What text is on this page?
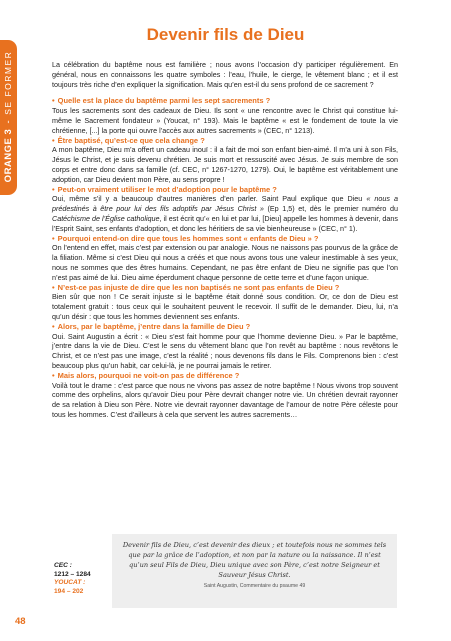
ORANGE 3 - SE FORMER
Devenir fils de Dieu

La célébration du baptême nous est familière ; nous avons l’occasion d’y participer régulièrement. En général, nous en connaissons les quatre symboles : l’eau, l’huile, le cierge, le vêtement blanc ; et il est toujours très riche d’en expliquer la signification. Mais qu’en est-il du sens profond de ce sacrement ?

• Quelle est la place du baptême parmi les sept sacrements ?

Tous les sacrements sont des cadeaux de Dieu. Ils sont « une rencontre avec le Christ qui constitue lui-même le Sacrement fondateur » (Youcat, n° 193). Mais le baptême « est le fondement de toute la vie chrétienne, [...] la porte qui ouvre l’accès aux autres sacrements » (CEC, n° 1213).

• Être baptisé, qu’est-ce que cela change ?

A mon baptême, Dieu m’a offert un cadeau inouï : il a fait de moi son enfant bien-aimé. Il m’a uni à son Fils, Jésus le Christ, et je suis devenu chrétien. Je suis mort et ressuscité avec Jésus. Je suis membre de son corps et entre donc dans sa famille (cf. CEC, n° 1267-1270, 1279). Oui, le baptême est véritablement une adoption, car Dieu devient mon Père, au sens propre !

• Peut-on vraiment utiliser le mot d’adoption pour le baptême ?

Oui, même s’il y a beaucoup d’autres manières d’en parler. Saint Paul explique que Dieu « nous a prédestinés à être pour lui des fils adoptifs par Jésus Christ » (Ep 1,5) et, dès le premier numéro du Catéchisme de l’Église catholique, il est écrit qu’« en lui et par lui, [Dieu] appelle les hommes à devenir, dans l’Esprit Saint, ses enfants d’adoption, et donc les héritiers de sa vie bienheureuse » (CEC, n° 1).

• Pourquoi entend-on dire que tous les hommes sont « enfants de Dieu » ?

On l’entend en effet, mais c’est par extension ou par analogie. Nous ne naissons pas pourvus de la grâce de la filiation. Même si c’est Dieu qui nous a créés et que nous avons tous une valeur inestimable à ses yeux, nous ne sommes que des êtres humains. Cependant, ne pas être enfant de Dieu ne signifie pas que l’on n’est pas aimé de lui. Dieu aime éperdument chaque personne de cette terre et d’une façon unique.

• N’est-ce pas injuste de dire que les non baptisés ne sont pas enfants de Dieu ?

Bien sûr que non ! Ce serait injuste si le baptême était donné sous condition. Or, ce don de Dieu est totalement gratuit : tous ceux qui le souhaitent peuvent le recevoir. Il suffit de le demander. Dieu, lui, n’a qu’un désir : que tous les hommes deviennent ses enfants.

• Alors, par le baptême, j’entre dans la famille de Dieu ?

Oui. Saint Augustin a écrit : « Dieu s’est fait homme pour que l’homme devienne Dieu. » Par le baptême, j’entre dans la vie de Dieu. C’est le sens du vêtement blanc que l’on revêt au baptême : nous revêtons le Christ, et ce n’est pas une image, c’est la réalité ; nous devenons fils dans le Fils. Comprenons bien : c’est beaucoup plus qu’un habit, car celui-là, je ne pourrai jamais le retirer.

• Mais alors, pourquoi ne voit-on pas de différence ?

Voilà tout le drame : c’est parce que nous ne vivons pas assez de notre baptême ! Nous vivons trop souvent comme des orphelins, alors qu’avoir Dieu pour Père devrait changer notre vie. Un chrétien devrait rayonner de sa relation à Dieu son Père. Notre vie devrait rayonner davantage de l’amour de notre Père céleste pour tous les hommes. C’est d’ailleurs à cela que servent les autres sacrements…

CEC :
1212 – 1284
YOUCAT :
194 – 202
Devenir fils de Dieu, c’est devenir des dieux ; et toutefois nous ne sommes tels que par la grâce de l’adoption, et non par la nature ou la naissance. Il n’est qu’un seul Fils de Dieu, Dieu unique avec son Père, c’est notre Seigneur et Sauveur Jésus Christ.
Saint Augustin, Commentaire du psaume 49
48
